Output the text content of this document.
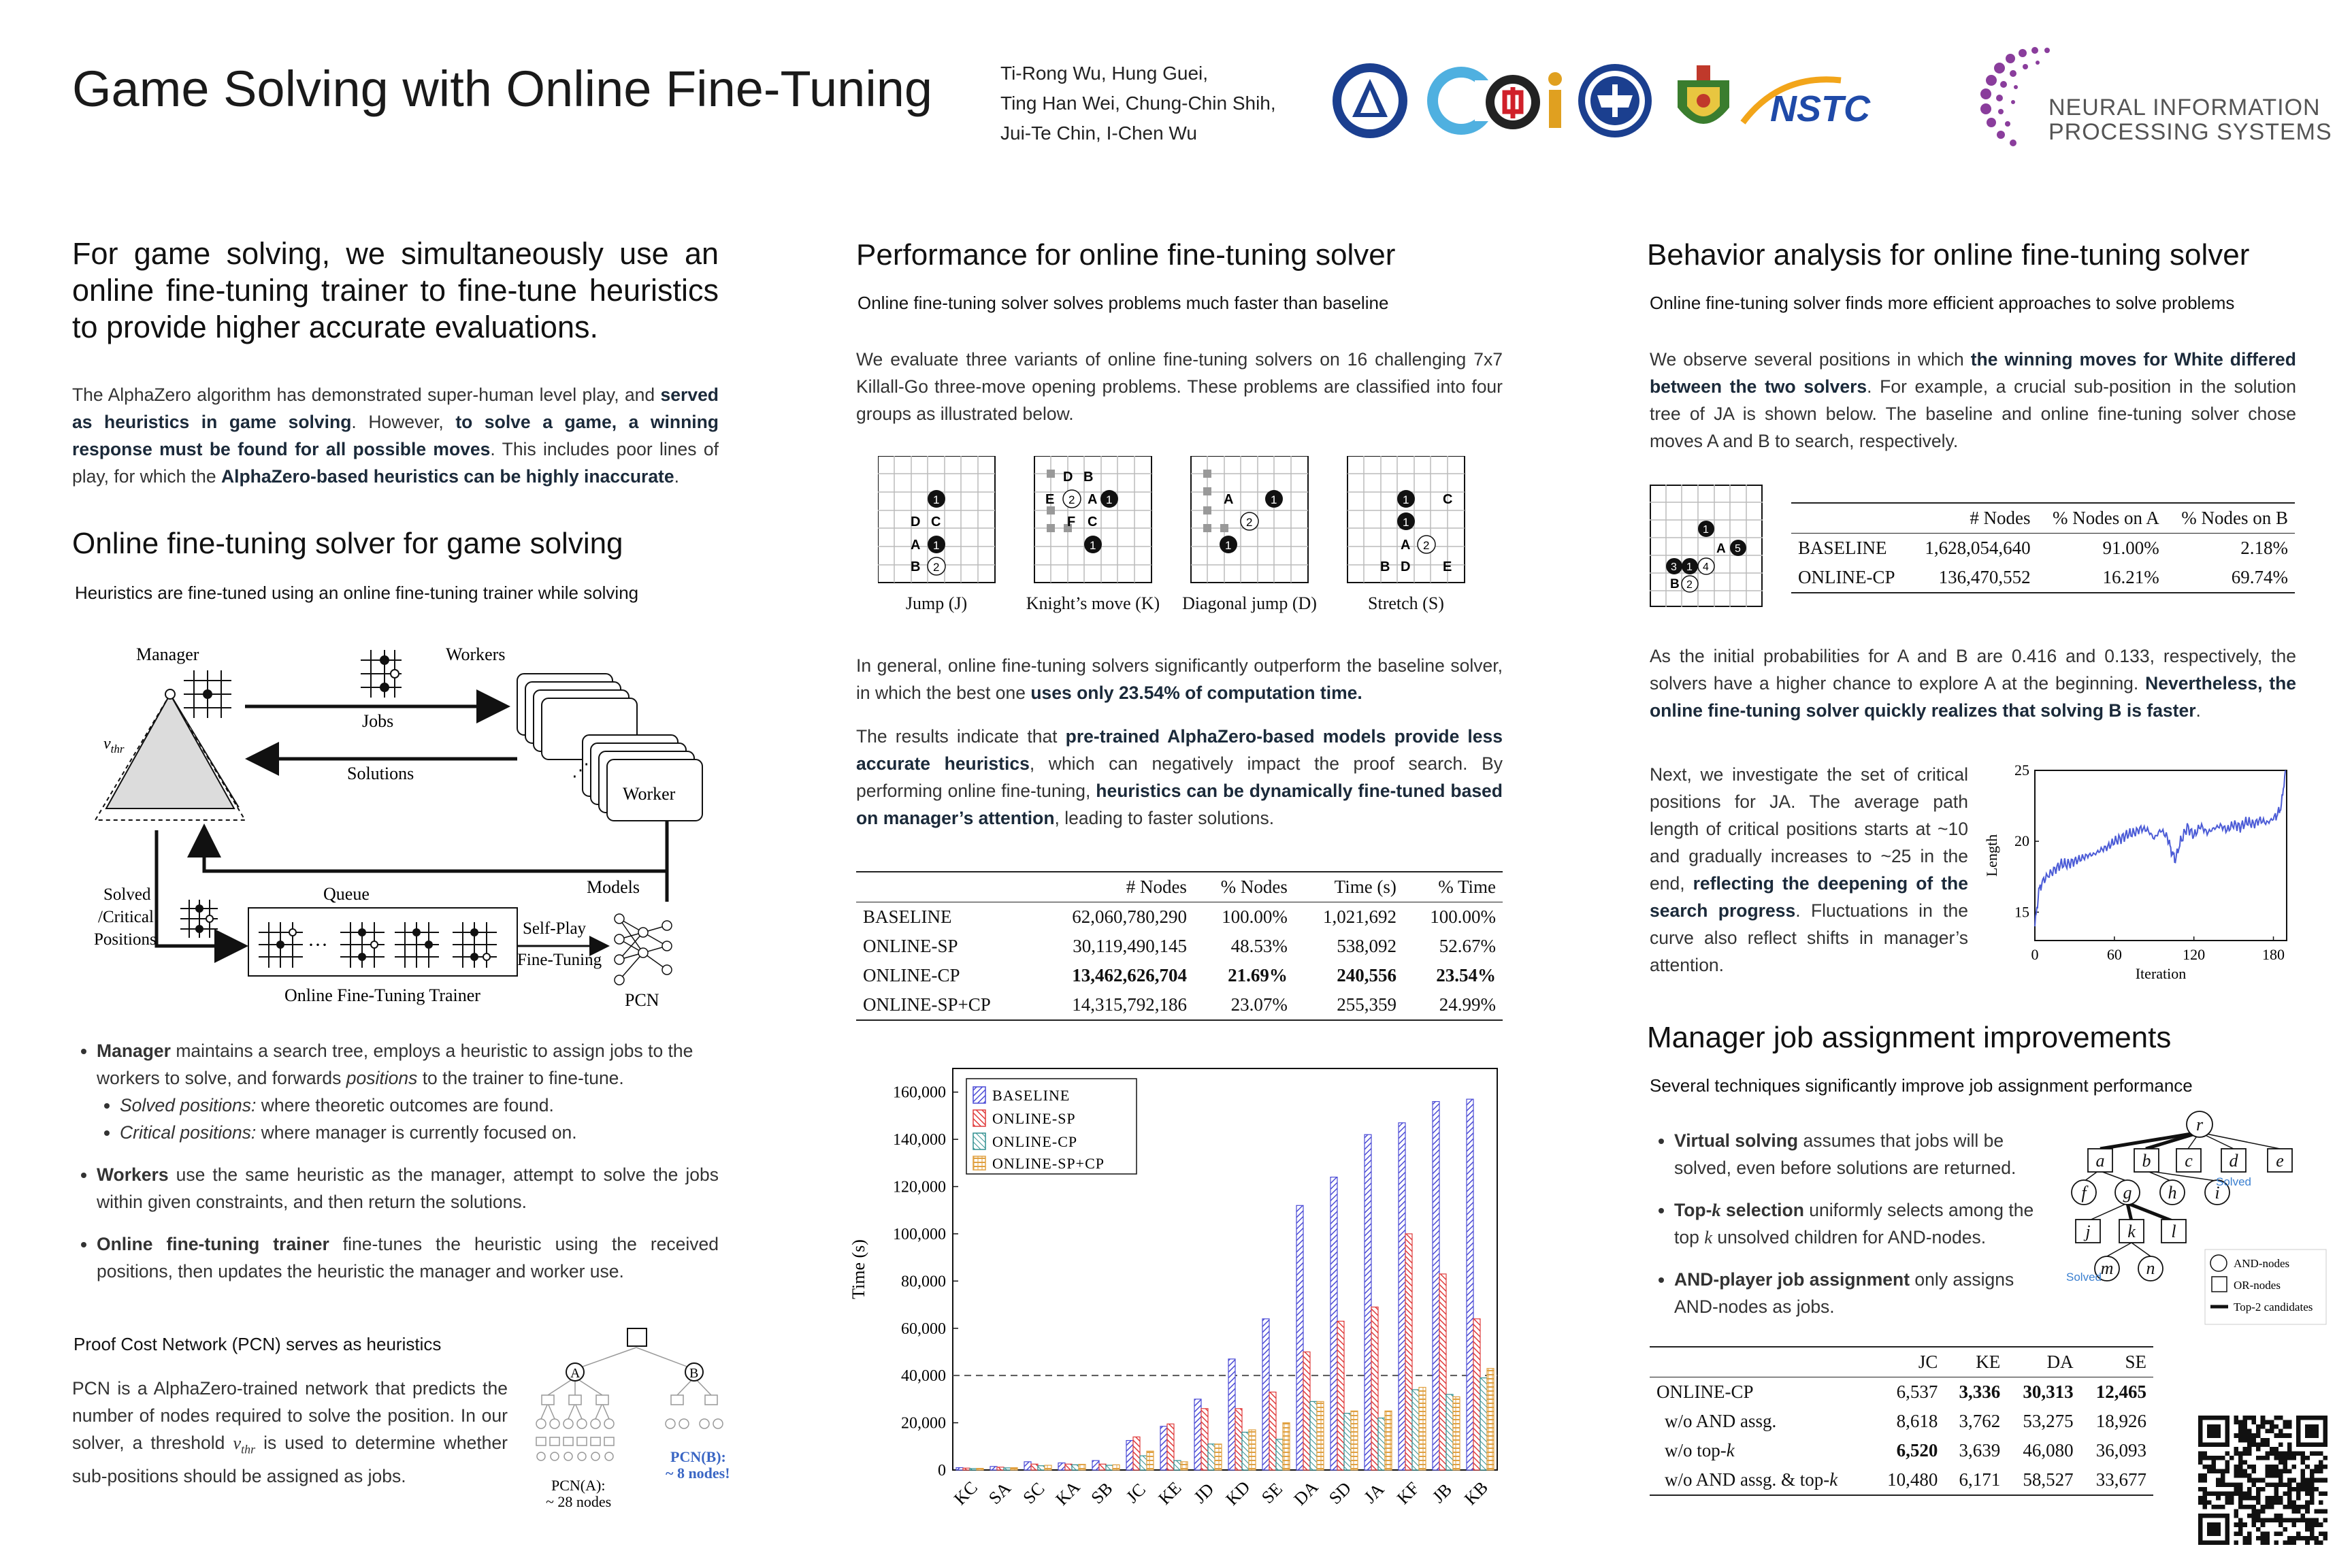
Game Solving with Online Fine-Tuning	Ti-Rong Wu, Hung Guei,
Ting Han Wei, Chung-Chin Shih,
Jui-Te Chin, I-Chen Wu
NSTC	NEURAL INFORMATION
PROCESSING SYSTEMS
For game solving, we simultaneously use an online fine-tuning trainer to fine-tune heuristics to provide higher accurate evaluations.
The AlphaZero algorithm has demonstrated super-human level play, and served as heuristics in game solving. However, to solve a game, a winning response must be found for all possible moves. This includes poor lines of play, for which the AlphaZero-based heuristics can be highly inaccurate.
Online fine-tuning solver for game solving
Heuristics are fine-tuned using an online fine-tuning trainer while solving
Manager
$v_{thr}$
Workers
Jobs
Solutions	⋰
Worker
Models
Solved
/Critical
Positions
Queue
···
Self-Play
Fine-Tuning
PCN
Online Fine-Tuning Trainer
• Manager maintains a search tree, employs a heuristic to assign jobs to the workers to solve, and forwards positions to the trainer to fine-tune.
• Solved positions: where theoretic outcomes are found.
• Critical positions: where manager is currently focused on.
• Workers use the same heuristic as the manager, attempt to solve the jobs within given constraints, and then return the solutions.
• Online fine-tuning trainer fine-tunes the heuristic using the received positions, then updates the heuristic the manager and worker use.
Proof Cost Network (PCN) serves as heuristics
PCN is a AlphaZero-trained network that predicts the number of nodes required to solve the position. In our solver, a threshold $v_{thr}$ is used to determine whether sub-positions should be assigned as jobs.
A	B
PCN(B):
~ 8 nodes!
PCN(A):
~ 28 nodes
Performance for online fine-tuning solver
Online fine-tuning solver solves problems much faster than baseline
We evaluate three variants of online fine-tuning solvers on 16 challenging 7x7 Killall-Go three-move opening problems. These problems are classified into four groups as illustrated below.
1
1
2
D C
A
B
D B
E 2 A 1
F C
1
A	1
2
1
1 C
1
A 2
B D E
Jump (J)	Knight’s move (K) Diagonal jump (D)	Stretch (S)
In general, online fine-tuning solvers significantly outperform the baseline solver, in which the best one uses only 23.54% of computation time.
The results indicate that pre-trained AlphaZero-based models provide less accurate heuristics, which can negatively impact the proof search. By performing online fine-tuning, heuristics can be dynamically fine-tuned based on manager’s attention, leading to faster solutions.
	# Nodes	% Nodes	Time (s)	% Time
BASELINE	62,060,780,290	100.00%	1,021,692	100.00%
ONLINE-SP	30,119,490,145	48.53%	538,092	52.67%
ONLINE-CP	13,462,626,704	21.69%	240,556	23.54%
ONLINE-SP+CP	14,315,792,186	23.07%	255,359	24.99%
0
20,000
40,000
60,000
80,000
100,000
120,000
140,000
160,000
KC SA SC KA SB JC KE JD KD SE DA SD JA KF JB KB
Time (s)
BASELINE
ONLINE-SP
ONLINE-CP
ONLINE-SP+CP
Behavior analysis for online fine-tuning solver
Online fine-tuning solver finds more efficient approaches to solve problems
We observe several positions in which the winning moves for White differed between the two solvers. For example, a crucial sub-position in the solution tree of JA is shown below. The baseline and online fine-tuning solver chose moves A and B to search, respectively.
1
A 5
3 1 4
B 2
	# Nodes	% Nodes on A	% Nodes on B
BASELINE	1,628,054,640	91.00%	2.18%
ONLINE-CP	136,470,552	16.21%	69.74%
As the initial probabilities for A and B are 0.416 and 0.133, respectively, the solvers have a higher chance to explore A at the beginning. Nevertheless, the online fine-tuning solver quickly realizes that solving B is faster.
Next, we investigate the set of critical positions for JA. The average path length of critical positions starts at ~10 and gradually increases to ~25 in the end, reflecting the deepening of the search progress. Fluctuations in the curve also reflect shifts in manager’s attention.
0	60	120	180
15
20
25
Length
Iteration
Manager job assignment improvements
Several techniques significantly improve job assignment performance
• Virtual solving assumes that jobs will be solved, even before solutions are returned.
• Top-k selection uniformly selects among the top k unsolved children for AND-nodes.
• AND-player job assignment only assigns AND-nodes as jobs.
r
a b c d e
f g h i
j k l
m n
Solved
Solved
AND-nodes
OR-nodes
Top-2 candidates
	JC	KE	DA	SE
ONLINE-CP	6,537	3,336	30,313	12,465
w/o AND assg.	8,618	3,762	53,275	18,926
w/o top-k	6,520	3,639	46,080	36,093
w/o AND assg. & top-k	10,480	6,171	58,527	33,677
